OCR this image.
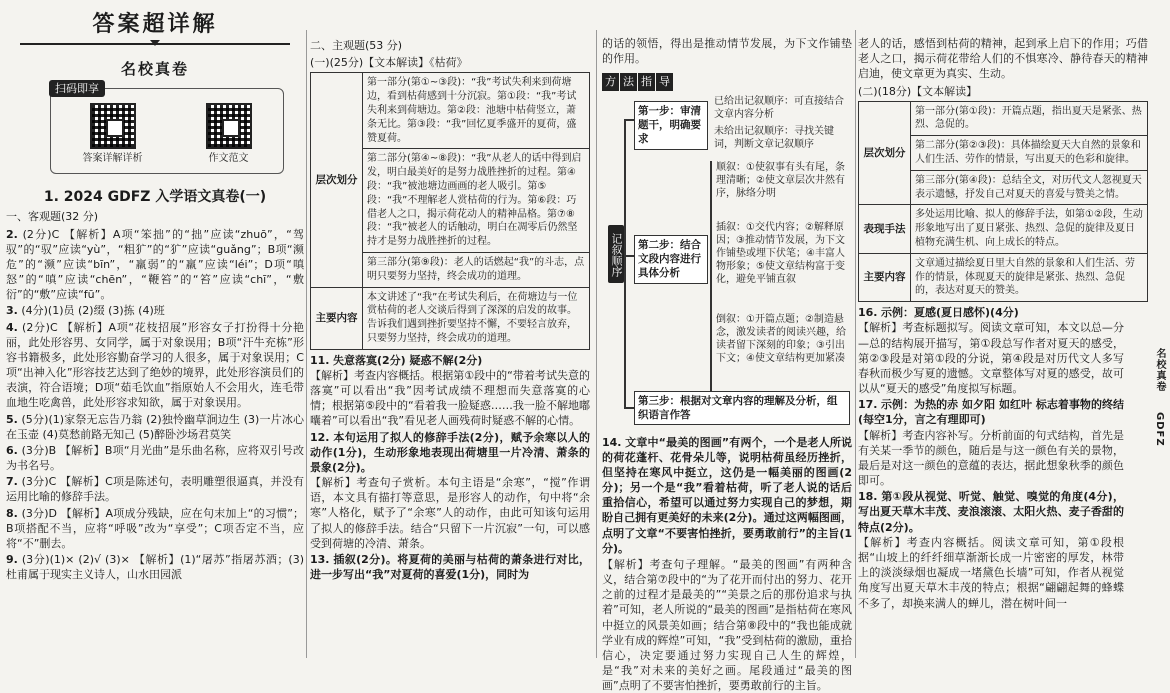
答案超详解
名校真卷
扫码即享
答案详解详析	作文范文
1. 2024 GDFZ 入学语文真卷(一)
一、客观题(32 分)
2. (2分)C 【解析】A项“笨拙”的“拙”应读“zhuō”，“驾驭”的“驭”应读“yù”，“粗犷”的“犷”应读“guǎng”；B项“濒危”的“濒”应读“bīn”，“羸弱”的“羸”应读“léi”；D项“嗔怒”的“嗔”应读“chēn”，“鞭笞”的“笞”应读“chī”，“敷衍”的“敷”应读“fū”。
3. (4分)(1)员 (2)缀 (3)拣 (4)班
4. (2分)C 【解析】A项“花枝招展”形容女子打扮得十分艳丽，此处形容男、女同学，属于对象误用；B项“汗牛充栋”形容书籍极多，此处形容勤奋学习的人很多，属于对象误用；C项“出神入化”形容技艺达到了绝妙的境界，此处形容演员们的表演，符合语境；D项“茹毛饮血”指原始人不会用火，连毛带血地生吃禽兽，此处形容求知欲，属于对象误用。
5. (5分)(1)家祭无忘告乃翁 (2)独怜幽草涧边生 (3)一片冰心在玉壶 (4)莫愁前路无知己 (5)醉卧沙场君莫笑
6. (3分)B 【解析】B项“月光曲”是乐曲名称，应将双引号改为书名号。
7. (3分)C 【解析】C项是陈述句，表明雕塑很逼真，并没有运用比喻的修辞手法。
8. (3分)D 【解析】A项成分残缺，应在句末加上“的习惯”；B项搭配不当，应将“呼吸”改为“享受”；C项否定不当，应将“不”删去。
9. (3分)(1)× (2)√ (3)× 【解析】(1)“屠苏”指屠苏酒；(3)杜甫属于现实主义诗人，山水田园派
二、主观题(53 分)
(一)(25分)【文本解读】《枯荷》
层次划分	第一部分(第①~③段)：“我”考试失利来到荷塘边，看到枯荷感到十分沉寂。第①段：“我”考试失利来到荷塘边。第②段：池塘中枯荷竖立，萧条无比。第③段：“我”回忆夏季盛开的夏荷，盛赞夏荷。
	第二部分(第④~⑧段)：“我”从老人的话中得到启发，明白最美好的是努力战胜挫折的过程。第④段：“我”被池塘边画画的老人吸引。第⑤段：“我”不理解老人赏枯荷的行为。第⑥段：巧借老人之口，揭示荷花动人的精神品格。第⑦⑧段：“我”被老人的话触动，明白在凋零后仍然坚持才是努力战胜挫折的过程。
	第三部分(第⑨段)：老人的话燃起“我”的斗志，点明只要努力坚持，终会成功的道理。
主要内容	本文讲述了“我”在考试失利后，在荷塘边与一位赏枯荷的老人交谈后得到了深深的启发的故事。告诉我们遇到挫折要坚持不懈，不要轻言放弃，只要努力坚持，终会成功的道理。
11. 失意落寞(2分) 疑惑不解(2分)
【解析】考查内容概括。根据第①段中的“带着考试失意的落寞”可以看出“我”因考试成绩不理想而失意落寞的心情；根据第⑤段中的“看着我一脸疑惑……我一脸不解地嘟囔着”可以看出“我”看见老人画残荷时疑惑不解的心情。
12. 本句运用了拟人的修辞手法(2分)，赋予余寒以人的动作(1分)，生动形象地表现出荷塘里一片冷清、萧条的景象(2分)。
【解析】考查句子赏析。本句主语是“余寒”，“搅”作谓语，本文具有描打等意思，是形容人的动作，句中将“余寒”人格化，赋予了“余寒”人的动作，由此可知该句运用了拟人的修辞手法。结合“只留下一片沉寂”一句，可以感受到荷塘的冷清、萧条。
13. 插叙(2分)。将夏荷的美丽与枯荷的萧条进行对比，进一步写出“我”对夏荷的喜爱(1分)，同时为
的话的领悟，得出是推动情节发展，为下文作铺垫的作用。
方 法 指 导
记叙顺序
第一步：审清题干，明确要求
已给出记叙顺序：可直接结合文章内容分析
未给出记叙顺序：寻找关键词，判断文章记叙顺序
第二步：结合文段内容进行具体分析
顺叙：①使叙事有头有尾，条理清晰；②使文章层次井然有序，脉络分明
插叙：①交代内容；②解释原因；③推动情节发展，为下文作铺垫或埋下伏笔；④丰富人物形象；⑤使文章结构富于变化，避免平铺直叙
倒叙：①开篇点题；②制造悬念，激发读者的阅读兴趣，给读者留下深刻的印象；③引出下文；④使文章结构更加紧凑
第三步：根据对文章内容的理解及分析，组织语言作答
14. 文章中“最美的图画”有两个，一个是老人所说的荷花蓬杆、花骨朵儿等，说明枯荷虽经历挫折，但坚持在寒风中挺立，这仍是一幅美丽的图画(2分)；另一个是“我”看着枯荷，听了老人说的话后重拾信心，希望可以通过努力实现自己的梦想，期盼自己拥有更美好的未来(2分)。通过这两幅图画，点明了文章“不要害怕挫折，要勇敢前行”的主旨(1分)。
【解析】考查句子理解。“最美的图画”有两种含义，结合第⑦段中的“为了花开而付出的努力、花开之前的过程才是最美的”“美景之后的那份追求与执着”可知，老人所说的“最美的图画”是指枯荷在寒风中挺立的风景美如画；结合第⑧段中的“我也能成就学业有成的辉煌”可知，“我”受到枯荷的激励，重拾信心，决定要通过努力实现自己人生的辉煌，是“我”对未来的美好之画。尾段通过“最美的图画”点明了不要害怕挫折，要勇敢前行的主旨。
老人的话，感悟到枯荷的精神，起到承上启下的作用；巧借老人之口，揭示荷花带给人们的不惧寒冷、静待春天的精神启迪，使文章更为真实、生动。
(二)(18分)【文本解读】
层次划分	第一部分(第①段)：开篇点题，指出夏天是紧张、热烈、急促的。
	第二部分(第②③段)：具体描绘夏天大自然的景象和人们生活、劳作的情景，写出夏天的色彩和旋律。
	第三部分(第④段)：总结全文，对历代文人忽视夏天表示遗憾，抒发自己对夏天的喜爱与赞美之情。
表现手法	多处运用比喻、拟人的修辞手法，如第①②段，生动形象地写出了夏日紧张、热烈、急促的旋律及夏日植物充满生机、向上成长的特点。
主要内容	文章通过描绘夏日里大自然的景象和人们生活、劳作的情景，体现夏天的旋律是紧张、热烈、急促的，表达对夏天的赞美。
16. 示例：夏感(夏日感怀)(4分)
【解析】考查标题拟写。阅读文章可知，本文以总—分—总的结构展开描写，第①段总写作者对夏天的感受，第②③段是对第①段的分说，第④段是对历代文人多写春秋而极少写夏的遗憾。文章整体写对夏的感受，故可以从“夏天的感受”角度拟写标题。
17. 示例：为热的赤 如夕阳 如红叶 标志着事物的终结(每空1分，言之有理即可)
【解析】考查内容补写。分析前面的句式结构，首先是有关某一季节的颜色，随后是与这一颜色有关的景物，最后是对这一颜色的意蕴的表达，据此想象秋季的颜色即可。
18. 第①段从视觉、听觉、触觉、嗅觉的角度(4分)，写出夏天草木丰茂、麦浪滚滚、太阳火热、麦子香甜的特点(2分)。
【解析】考查内容概括。阅读文章可知，第①段根据“山坡上的纤纤细草渐渐长成一片密密的厚发，林带上的淡淡绿烟也凝成一堵黛色长墙”可知，作者从视觉角度写出夏天草木丰茂的特点；根据“翩翩起舞的蜂蝶不多了，却换来满人的蝉儿，潜在树叶间一
名校真卷
GDFZ
